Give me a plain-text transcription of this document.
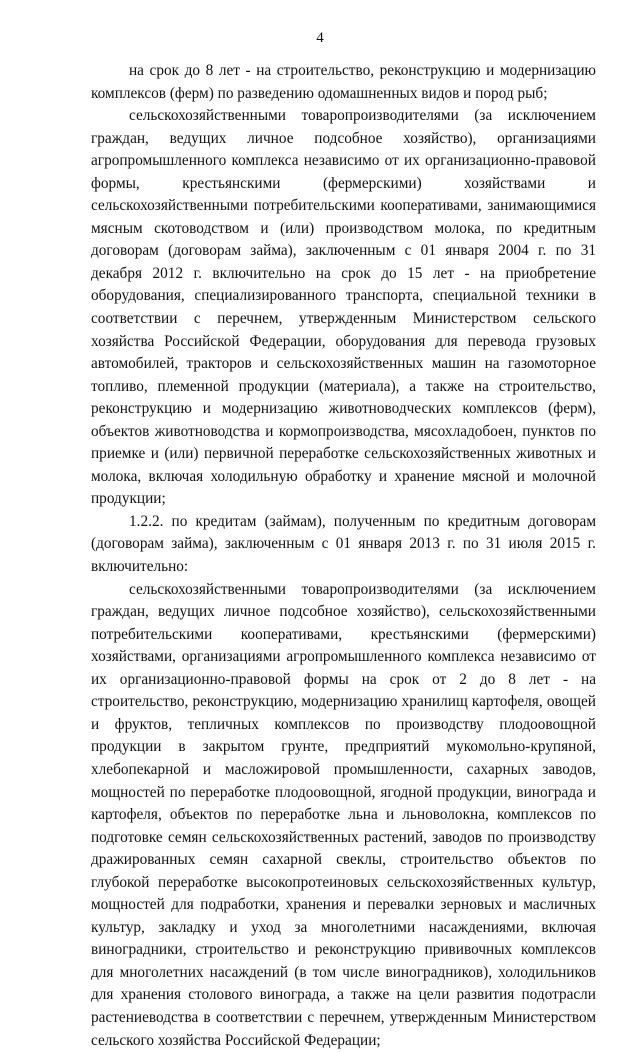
4

на срок до 8 лет - на строительство, реконструкцию и модернизацию комплексов (ферм) по разведению одомашненных видов и пород рыб;

сельскохозяйственными товаропроизводителями (за исключением граждан, ведущих личное подсобное хозяйство), организациями агропромышленного комплекса независимо от их организационно-правовой формы, крестьянскими (фермерскими) хозяйствами и сельскохозяйственными потребительскими кооперативами, занимающимися мясным скотоводством и (или) производством молока, по кредитным договорам (договорам займа), заключенным с 01 января 2004 г. по 31 декабря 2012 г. включительно на срок до 15 лет - на приобретение оборудования, специализированного транспорта, специальной техники в соответствии с перечнем, утвержденным Министерством сельского хозяйства Российской Федерации, оборудования для перевода грузовых автомобилей, тракторов и сельскохозяйственных машин на газомоторное топливо, племенной продукции (материала), а также на строительство, реконструкцию и модернизацию животноводческих комплексов (ферм), объектов животноводства и кормопроизводства, мясохладобоен, пунктов по приемке и (или) первичной переработке сельскохозяйственных животных и молока, включая холодильную обработку и хранение мясной и молочной продукции;

1.2.2. по кредитам (займам), полученным по кредитным договорам (договорам займа), заключенным с 01 января 2013 г. по 31 июля 2015 г. включительно:

сельскохозяйственными товаропроизводителями (за исключением граждан, ведущих личное подсобное хозяйство), сельскохозяйственными потребительскими кооперативами, крестьянскими (фермерскими) хозяйствами, организациями агропромышленного комплекса независимо от их организационно-правовой формы на срок от 2 до 8 лет - на строительство, реконструкцию, модернизацию хранилищ картофеля, овощей и фруктов, тепличных комплексов по производству плодоовощной продукции в закрытом грунте, предприятий мукомольно-крупяной, хлебопекарной и масложировой промышленности, сахарных заводов, мощностей по переработке плодоовощной, ягодной продукции, винограда и картофеля, объектов по переработке льна и льноволокна, комплексов по подготовке семян сельскохозяйственных растений, заводов по производству дражированных семян сахарной свеклы, строительство объектов по глубокой переработке высокопротеиновых сельскохозяйственных культур, мощностей для подработки, хранения и перевалки зерновых и масличных культур, закладку и уход за многолетними насаждениями, включая виноградники, строительство и реконструкцию прививочных комплексов для многолетних насаждений (в том числе виноградников), холодильников для хранения столового винограда, а также на цели развития подотрасли растениеводства в соответствии с перечнем, утвержденным Министерством сельского хозяйства Российской Федерации;
